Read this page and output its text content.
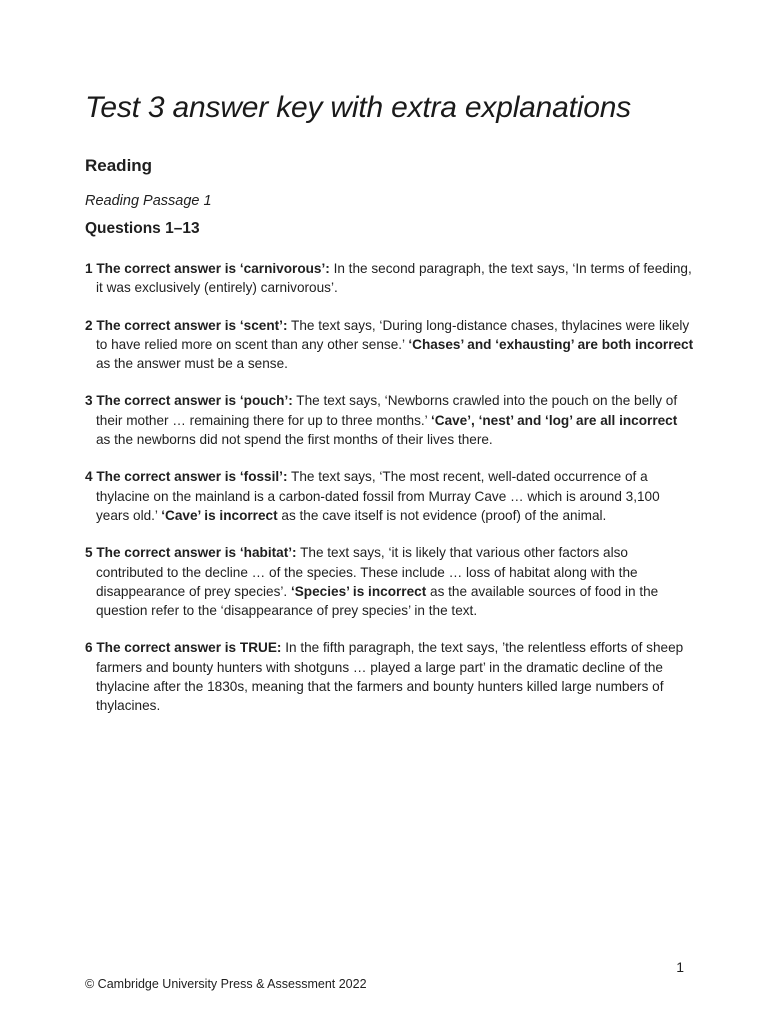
Test 3 answer key with extra explanations
Reading

Reading Passage 1

Questions 1–13
1 The correct answer is ‘carnivorous’: In the second paragraph, the text says, ‘In terms of feeding, it was exclusively (entirely) carnivorous’.
2 The correct answer is ‘scent’: The text says, ‘During long-distance chases, thylacines were likely to have relied more on scent than any other sense.’ ‘Chases’ and ‘exhausting’ are both incorrect as the answer must be a sense.
3 The correct answer is ‘pouch’: The text says, ‘Newborns crawled into the pouch on the belly of their mother … remaining there for up to three months.’ ‘Cave’, ‘nest’ and ‘log’ are all incorrect as the newborns did not spend the first months of their lives there.
4 The correct answer is ‘fossil’: The text says, ‘The most recent, well-dated occurrence of a thylacine on the mainland is a carbon-dated fossil from Murray Cave … which is around 3,100 years old.’ ‘Cave’ is incorrect as the cave itself is not evidence (proof) of the animal.
5 The correct answer is ‘habitat’: The text says, ‘it is likely that various other factors also contributed to the decline … of the species. These include … loss of habitat along with the disappearance of prey species’. ‘Species’ is incorrect as the available sources of food in the question refer to the ‘disappearance of prey species’ in the text.
6 The correct answer is TRUE: In the fifth paragraph, the text says, ’the relentless efforts of sheep farmers and bounty hunters with shotguns … played a large part’ in the dramatic decline of the thylacine after the 1830s, meaning that the farmers and bounty hunters killed large numbers of thylacines.
1
© Cambridge University Press & Assessment 2022
